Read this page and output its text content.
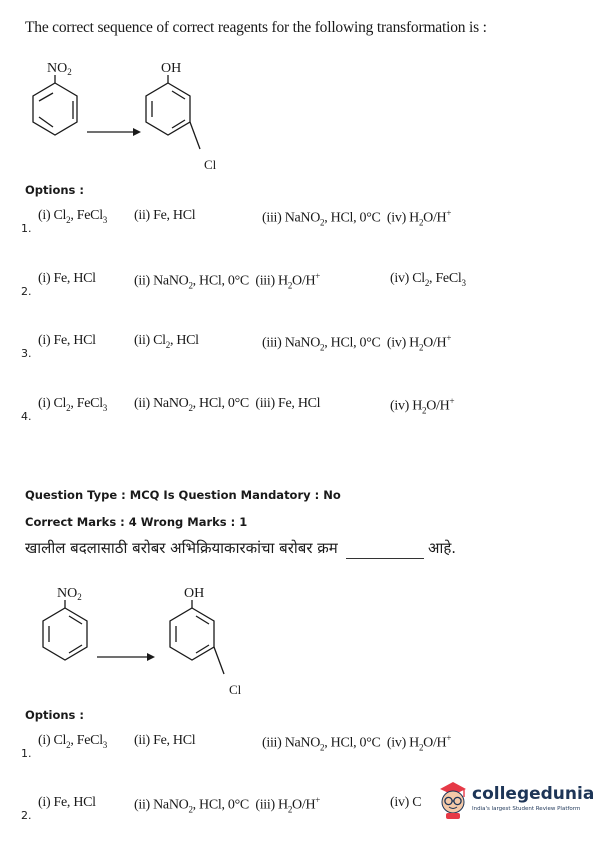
The correct sequence of correct reagents for the following transformation is :
$NO_2$	OH
Cl
Options :
1.
(i) $Cl_2$, FeCl$_3$ (ii) Fe, HCl	(iii) NaNO$_2$, HCl, 0°C  (iv) $H_2O/H^+$
2.
(i) Fe, HCl	(ii) NaNO$_2$, HCl, 0°C  (iii) $H_2O/H^+$	(iv) $Cl_2$, FeCl$_3$
3.
(i) Fe, HCl	(ii) $Cl_2$, HCl	(iii) NaNO$_2$, HCl, 0°C  (iv) $H_2O/H^+$
4.
(i) $Cl_2$, FeCl$_3$ (ii) NaNO$_2$, HCl, 0°C  (iii) Fe, HCl	(iv) $H_2O/H^+$
Question Type : MCQ Is Question Mandatory : No
Correct Marks : 4 Wrong Marks : 1
खालील बदलासाठी बरोबर अभिक्रियाकारकांचा बरोबर क्रम	आहे.
$NO_2$	OH
Cl
Options :
1.
(i) $Cl_2$, FeCl$_3$ (ii) Fe, HCl	(iii) NaNO$_2$, HCl, 0°C  (iv) $H_2O/H^+$
2.
(i) Fe, HCl	(ii) NaNO$_2$, HCl, 0°C  (iii) $H_2O/H^+$	(iv) C	collegedunia
India's largest Student Review Platform
